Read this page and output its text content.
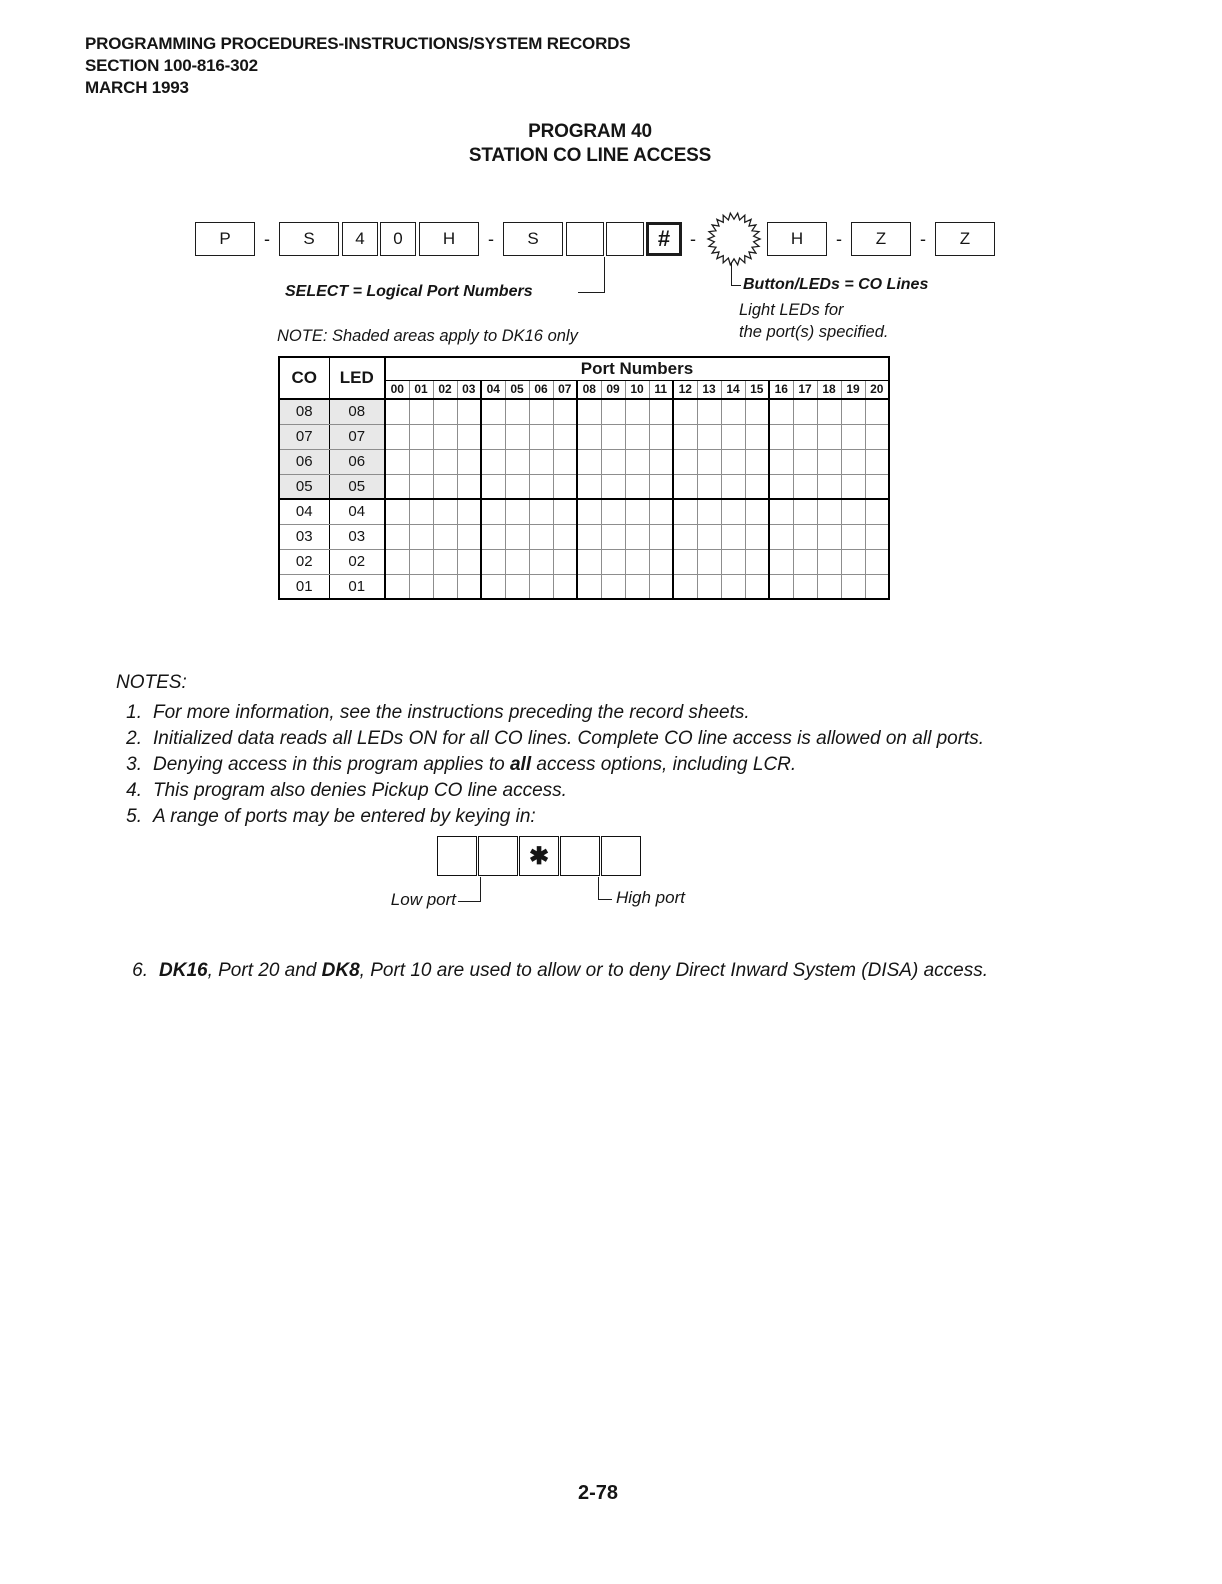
PROGRAMMING PROCEDURES-INSTRUCTIONS/SYSTEM RECORDS
SECTION 100-816-302
MARCH 1993
PROGRAM 40
STATION CO LINE ACCESS
P	-	S	4	0	H	-	S	#	-	H	-	Z	-	Z
SELECT = Logical Port Numbers	Button/LEDs = CO Lines
Light LEDs for
the port(s) specified.
NOTE: Shaded areas apply to DK16 only
CO	LED	Port Numbers																				
		00	01	02	03	04	05	06	07	08	09	10	11	12	13	14	15	16	17	18	19	20
08	08																					
07	07																					
06	06																					
05	05																					
04	04																					
03	03																					
02	02																					
01	01																					
NOTES:
1. For more information, see the instructions preceding the record sheets.
2. Initialized data reads all LEDs ON for all CO lines. Complete CO line access is allowed on all ports.
3. Denying access in this program applies to all access options, including LCR.
4. This program also denies Pickup CO line access.
5. A range of ports may be entered by keying in:
✱
Low port	High port
6. DK16, Port 20 and DK8, Port 10 are used to allow or to deny Direct Inward System (DISA) access.
2-78
